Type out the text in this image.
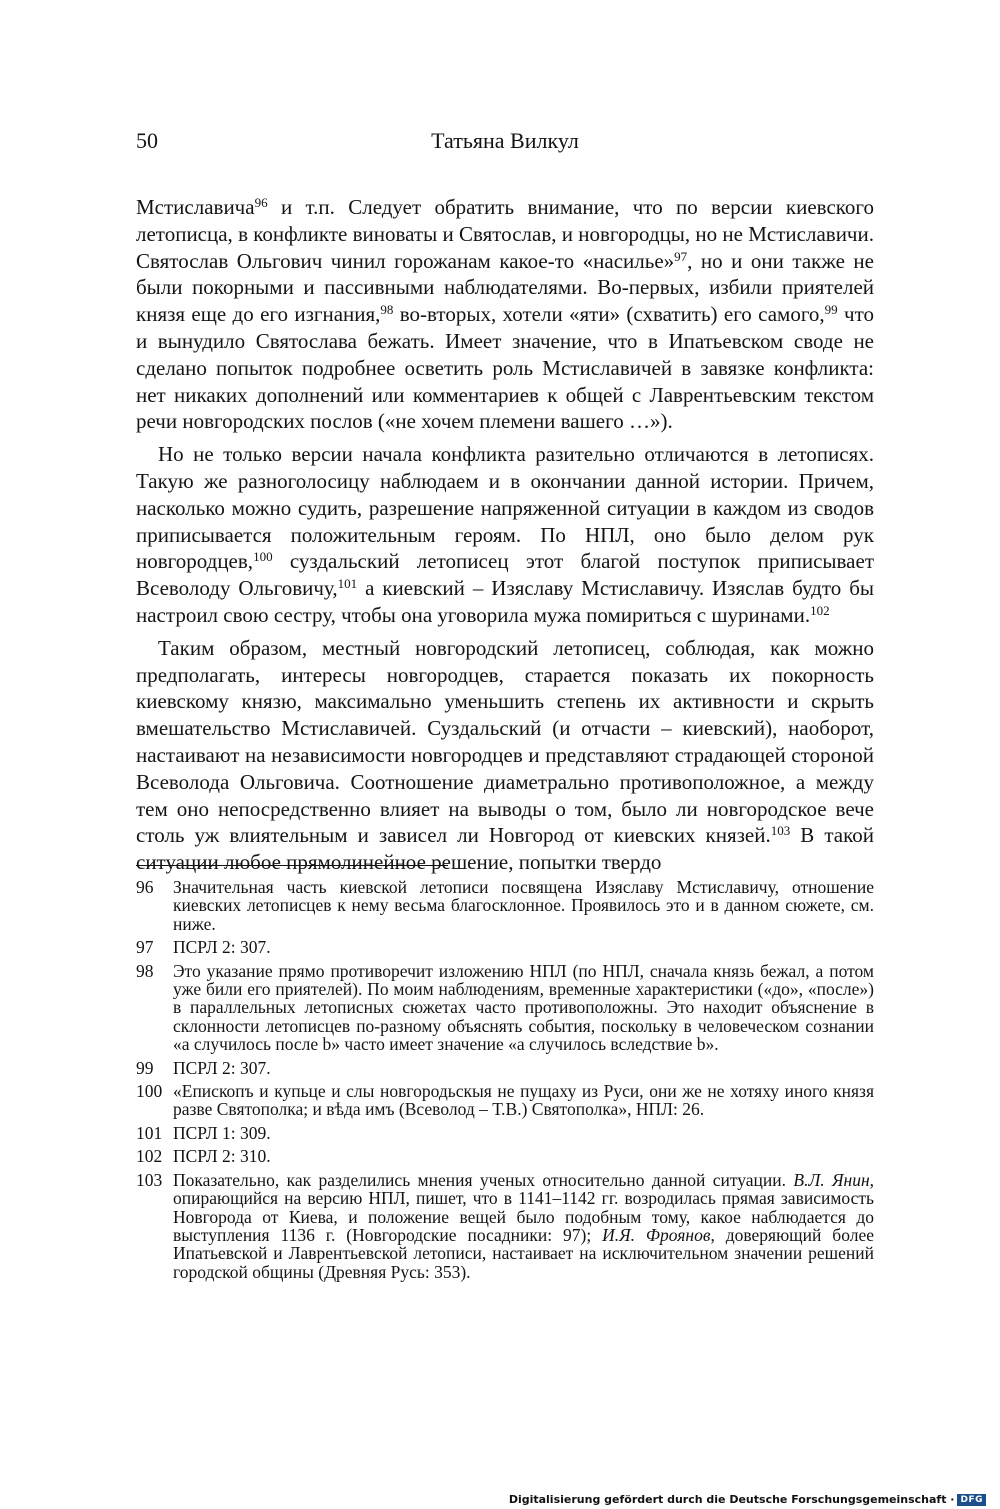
50	Татьяна Вилкул

Мстиславича$^{96}$ и т.п. Следует обратить внимание, что по версии киевского летописца, в конфликте виноваты и Святослав, и новгородцы, но не Мстиславичи. Святослав Ольгович чинил горожанам какое-то «насилье»$^{97}$, но и они также не были покорными и пассивными наблюдателями. Во-первых, избили приятелей князя еще до его изгнания,$^{98}$ во-вторых, хотели «яти» (схватить) его самого,$^{99}$ что и вынудило Святослава бежать. Имеет значение, что в Ипатьевском своде не сделано попыток подробнее осветить роль Мстиславичей в завязке конфликта: нет никаких дополнений или комментариев к общей с Лаврентьевским текстом речи новгородских послов («не хочем племени вашего …»).

Но не только версии начала конфликта разительно отличаются в летописях. Такую же разноголосицу наблюдаем и в окончании данной истории. Причем, насколько можно судить, разрешение напряженной ситуации в каждом из сводов приписывается положительным героям. По НПЛ, оно было делом рук новгородцев,$^{100}$ суздальский летописец этот благой поступок приписывает Всеволоду Ольговичу,$^{101}$ а киевский – Изяславу Мстиславичу. Изяслав будто бы настроил свою сестру, чтобы она уговорила мужа помириться с шуринами.$^{102}$

Таким образом, местный новгородский летописец, соблюдая, как можно предполагать, интересы новгородцев, старается показать их покорность киевскому князю, максимально уменьшить степень их активности и скрыть вмешательство Мстиславичей. Суздальский (и отчасти – киевский), наоборот, настаивают на независимости новгородцев и представляют страдающей стороной Всеволода Ольговича. Соотношение диаметрально противоположное, а между тем оно непосредственно влияет на выводы о том, было ли новгородское вече столь уж влиятельным и зависел ли Новгород от киевских князей.$^{103}$ В такой ситуации любое прямолинейное решение, попытки твердо

96	Значительная часть киевской летописи посвящена Изяславу Мстиславичу, отношение киевских летописцев к нему весьма благосклонное. Проявилось это и в данном сюжете, см. ниже.
97	ПСРЛ 2: 307.
98	Это указание прямо противоречит изложению НПЛ (по НПЛ, сначала князь бежал, а потом уже били его приятелей). По моим наблюдениям, временные характеристики («до», «после») в параллельных летописных сюжетах часто противоположны. Это находит объяснение в склонности летописцев по-разному объяснять события, поскольку в человеческом сознании «а случилось после b» часто имеет значение «а случилось вследствие b».
99	ПСРЛ 2: 307.
100 «Епископъ и купьце и слы новгородьскыя не пущаху из Руси, они же не хотяху иного князя разве Святополка; и вѣда имъ (Всеволод – Т.В.) Святополка», НПЛ: 26.
101 ПСРЛ 1: 309.
102 ПСРЛ 2: 310.
103 Показательно, как разделились мнения ученых относительно данной ситуации. В.Л. Янин, опирающийся на версию НПЛ, пишет, что в 1141–1142 гг. возродилась прямая зависимость Новгорода от Киева, и положение вещей было подобным тому, какое наблюдается до выступления 1136 г. (Новгородские посадники: 97); И.Я. Фроянов, доверяющий более Ипатьевской и Лаврентьевской летописи, настаивает на исключительном значении решений городской общины (Древняя Русь: 353).
Digitalisierung gefördert durch die Deutsche Forschungsgemeinschaft · DFG
